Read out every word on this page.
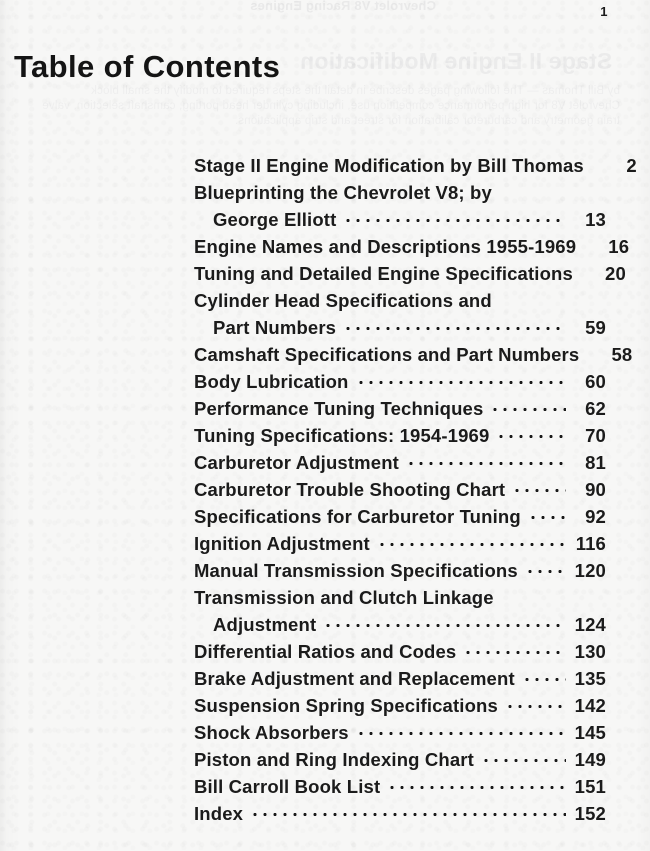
Chevrolet V8 Racing Engines
Stage II Engine Modification
by Bill Thomas — The following pages describe in detail the steps required to modify the small block Chevrolet V8 for high performance competition use, including cylinder head porting, camshaft selection, valve train geometry and carburetor calibration for street and strip applications.
1
Table of Contents
Stage II Engine Modification by Bill Thomas	2
Blueprinting the Chevrolet V8; by
George Elliott	13
Engine Names and Descriptions 1955-1969	16
Tuning and Detailed Engine Specifications	20
Cylinder Head Specifications and
Part Numbers	59
Camshaft Specifications and Part Numbers	58
Body Lubrication	60
Performance Tuning Techniques	62
Tuning Specifications: 1954-1969	70
Carburetor Adjustment	81
Carburetor Trouble Shooting Chart	90
Specifications for Carburetor Tuning	92
Ignition Adjustment	116
Manual Transmission Specifications	120
Transmission and Clutch Linkage
Adjustment	124
Differential Ratios and Codes	130
Brake Adjustment and Replacement	135
Suspension Spring Specifications	142
Shock Absorbers	145
Piston and Ring Indexing Chart	149
Bill Carroll Book List	151
Index	152
